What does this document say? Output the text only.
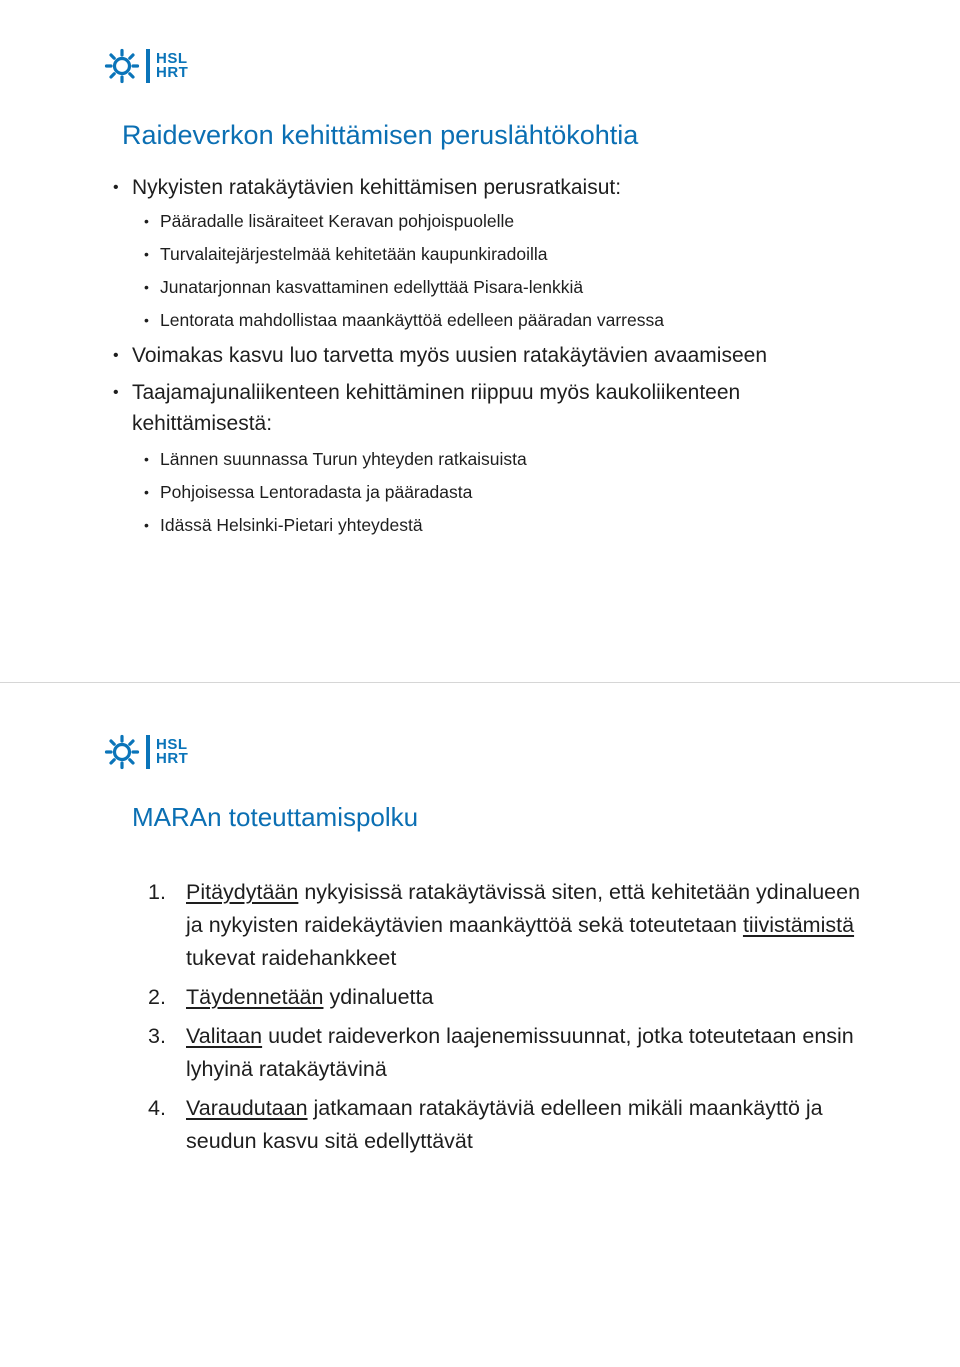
HSL
HRT
Raideverkon kehittämisen peruslähtökohtia
• Nykyisten ratakäytävien kehittämisen perusratkaisut:
• Pääradalle lisäraiteet Keravan pohjoispuolelle
• Turvalaitejärjestelmää kehitetään kaupunkiradoilla
• Junatarjonnan kasvattaminen edellyttää Pisara-lenkkiä
• Lentorata mahdollistaa maankäyttöä edelleen pääradan varressa
• Voimakas kasvu luo tarvetta myös uusien ratakäytävien avaamiseen
• Taajamajunaliikenteen kehittäminen riippuu myös kaukoliikenteen kehittämisestä:
• Lännen suunnassa Turun yhteyden ratkaisuista
• Pohjoisessa Lentoradasta ja pääradasta
• Idässä Helsinki-Pietari yhteydestä
HSL
HRT
MARAn toteuttamispolku
1. Pitäydytään nykyisissä ratakäytävissä siten, että kehitetään ydinalueen ja nykyisten raidekäytävien maankäyttöä sekä toteutetaan tiivistämistä tukevat raidehankkeet
2. Täydennetään ydinaluetta
3. Valitaan uudet raideverkon laajenemissuunnat, jotka toteutetaan ensin lyhyinä ratakäytävinä
4. Varaudutaan jatkamaan ratakäytäviä edelleen mikäli maankäyttö ja seudun kasvu sitä edellyttävät
